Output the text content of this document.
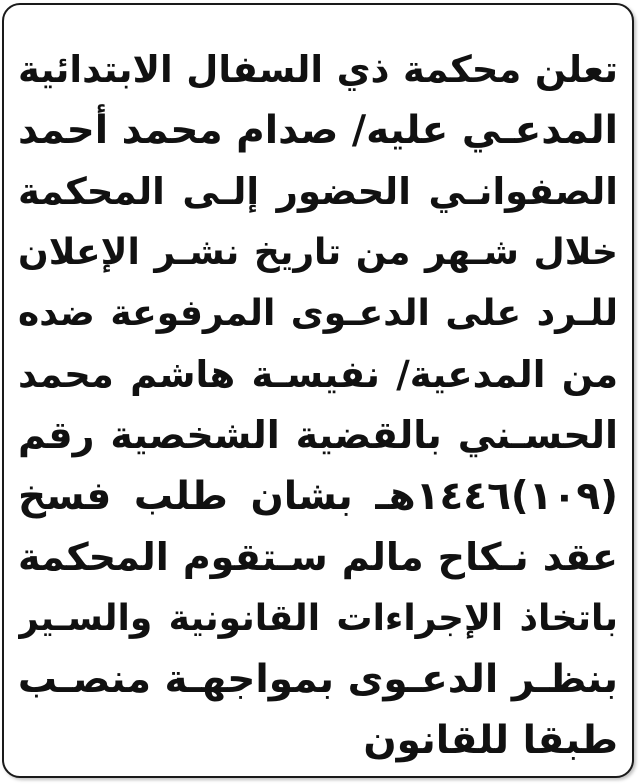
تعلن محكمة ذي السفال الابتدائية
المدعـي عليه/ صدام محمد أحمد
الصفوانـي الحضور إلـى المحكمة
خلال شـهر من تاريخ نشـر الإعلان
للـرد على الدعـوى المرفوعة ضده
من المدعية/ نفيسـة هاشم محمد
الحسـني بالقضية الشخصية رقم
(١٠٩)١٤٤٦هـ بشان طلب فسخ
عقد نـكاح مالم سـتقوم المحكمة
باتخاذ الإجراءات القانونية والسـير
بنظـر الدعـوى بمواجهـة منصـب
طبقا للقانون
